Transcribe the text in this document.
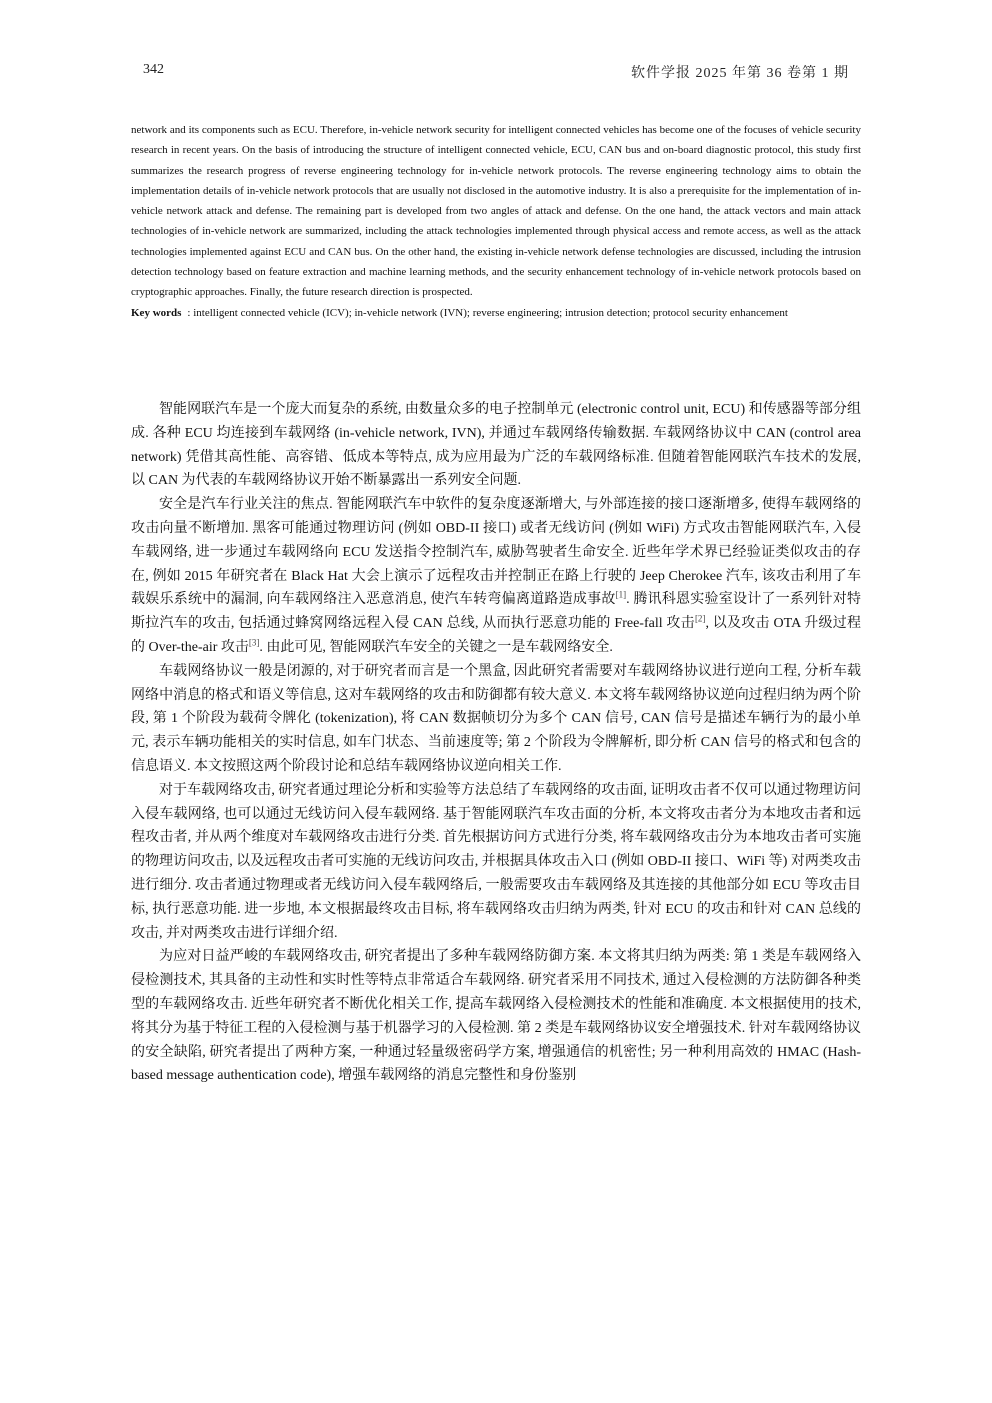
342	软件学报 2025 年第 36 卷第 1 期

network and its components such as ECU. Therefore, in-vehicle network security for intelligent connected vehicles has become one of the focuses of vehicle security research in recent years. On the basis of introducing the structure of intelligent connected vehicle, ECU, CAN bus and on-board diagnostic protocol, this study first summarizes the research progress of reverse engineering technology for in-vehicle network protocols. The reverse engineering technology aims to obtain the implementation details of in-vehicle network protocols that are usually not disclosed in the automotive industry. It is also a prerequisite for the implementation of in-vehicle network attack and defense. The remaining part is developed from two angles of attack and defense. On the one hand, the attack vectors and main attack technologies of in-vehicle network are summarized, including the attack technologies implemented through physical access and remote access, as well as the attack technologies implemented against ECU and CAN bus. On the other hand, the existing in-vehicle network defense technologies are discussed, including the intrusion detection technology based on feature extraction and machine learning methods, and the security enhancement technology of in-vehicle network protocols based on cryptographic approaches. Finally, the future research direction is prospected.

Key words : intelligent connected vehicle (ICV); in-vehicle network (IVN); reverse engineering; intrusion detection; protocol security enhancement

智能网联汽车是一个庞大而复杂的系统, 由数量众多的电子控制单元 (electronic control unit, ECU) 和传感器等部分组成. 各种 ECU 均连接到车载网络 (in-vehicle network, IVN), 并通过车载网络传输数据. 车载网络协议中 CAN (control area network) 凭借其高性能、高容错、低成本等特点, 成为应用最为广泛的车载网络标准. 但随着智能网联汽车技术的发展, 以 CAN 为代表的车载网络协议开始不断暴露出一系列安全问题.

安全是汽车行业关注的焦点. 智能网联汽车中软件的复杂度逐渐增大, 与外部连接的接口逐渐增多, 使得车载网络的攻击向量不断增加. 黑客可能通过物理访问 (例如 OBD-II 接口) 或者无线访问 (例如 WiFi) 方式攻击智能网联汽车, 入侵车载网络, 进一步通过车载网络向 ECU 发送指令控制汽车, 威胁驾驶者生命安全. 近些年学术界已经验证类似攻击的存在, 例如 2015 年研究者在 Black Hat 大会上演示了远程攻击并控制正在路上行驶的 Jeep Cherokee 汽车, 该攻击利用了车载娱乐系统中的漏洞, 向车载网络注入恶意消息, 使汽车转弯偏离道路造成事故[1]. 腾讯科恩实验室设计了一系列针对特斯拉汽车的攻击, 包括通过蜂窝网络远程入侵 CAN 总线, 从而执行恶意功能的 Free-fall 攻击[2], 以及攻击 OTA 升级过程的 Over-the-air 攻击[3]. 由此可见, 智能网联汽车安全的关键之一是车载网络安全.

车载网络协议一般是闭源的, 对于研究者而言是一个黑盒, 因此研究者需要对车载网络协议进行逆向工程, 分析车载网络中消息的格式和语义等信息, 这对车载网络的攻击和防御都有较大意义. 本文将车载网络协议逆向过程归纳为两个阶段, 第 1 个阶段为载荷令牌化 (tokenization), 将 CAN 数据帧切分为多个 CAN 信号, CAN 信号是描述车辆行为的最小单元, 表示车辆功能相关的实时信息, 如车门状态、当前速度等; 第 2 个阶段为令牌解析, 即分析 CAN 信号的格式和包含的信息语义. 本文按照这两个阶段讨论和总结车载网络协议逆向相关工作.

对于车载网络攻击, 研究者通过理论分析和实验等方法总结了车载网络的攻击面, 证明攻击者不仅可以通过物理访问入侵车载网络, 也可以通过无线访问入侵车载网络. 基于智能网联汽车攻击面的分析, 本文将攻击者分为本地攻击者和远程攻击者, 并从两个维度对车载网络攻击进行分类. 首先根据访问方式进行分类, 将车载网络攻击分为本地攻击者可实施的物理访问攻击, 以及远程攻击者可实施的无线访问攻击, 并根据具体攻击入口 (例如 OBD-II 接口、WiFi 等) 对两类攻击进行细分. 攻击者通过物理或者无线访问入侵车载网络后, 一般需要攻击车载网络及其连接的其他部分如 ECU 等攻击目标, 执行恶意功能. 进一步地, 本文根据最终攻击目标, 将车载网络攻击归纳为两类, 针对 ECU 的攻击和针对 CAN 总线的攻击, 并对两类攻击进行详细介绍.

为应对日益严峻的车载网络攻击, 研究者提出了多种车载网络防御方案. 本文将其归纳为两类: 第 1 类是车载网络入侵检测技术, 其具备的主动性和实时性等特点非常适合车载网络. 研究者采用不同技术, 通过入侵检测的方法防御各种类型的车载网络攻击. 近些年研究者不断优化相关工作, 提高车载网络入侵检测技术的性能和准确度. 本文根据使用的技术, 将其分为基于特征工程的入侵检测与基于机器学习的入侵检测. 第 2 类是车载网络协议安全增强技术. 针对车载网络协议的安全缺陷, 研究者提出了两种方案, 一种通过轻量级密码学方案, 增强通信的机密性; 另一种利用高效的 HMAC (Hash-based message authentication code), 增强车载网络的消息完整性和身份鉴别
